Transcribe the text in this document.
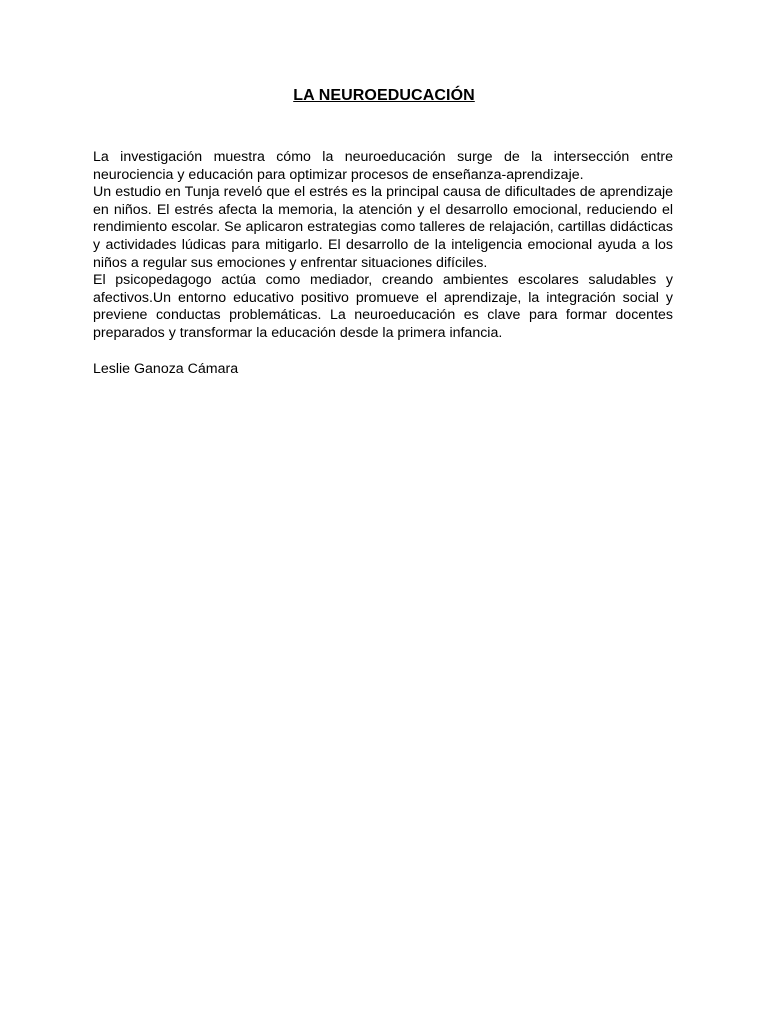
LA NEUROEDUCACIÓN

La investigación muestra cómo la neuroeducación surge de la intersección entre neurociencia y educación para optimizar procesos de enseñanza-aprendizaje.

Un estudio en Tunja reveló que el estrés es la principal causa de dificultades de aprendizaje en niños. El estrés afecta la memoria, la atención y el desarrollo emocional, reduciendo el rendimiento escolar. Se aplicaron estrategias como talleres de relajación, cartillas didácticas y actividades lúdicas para mitigarlo. El desarrollo de la inteligencia emocional ayuda a los niños a regular sus emociones y enfrentar situaciones difíciles.

El psicopedagogo actúa como mediador, creando ambientes escolares saludables y afectivos.Un entorno educativo positivo promueve el aprendizaje, la integración social y previene conductas problemáticas. La neuroeducación es clave para formar docentes preparados y transformar la educación desde la primera infancia.

Leslie Ganoza Cámara
